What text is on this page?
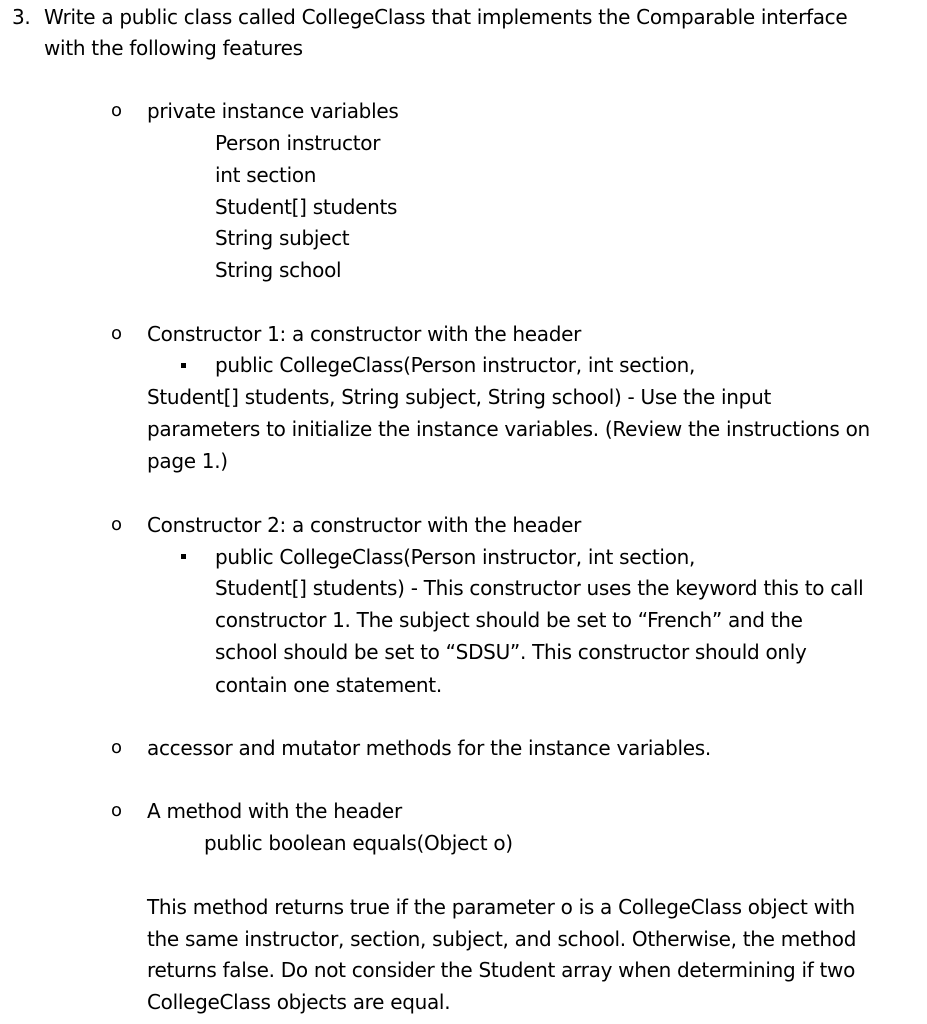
3. Write a public class called CollegeClass that implements the Comparable interface
with the following features
o private instance variables
Person instructor
int section
Student[] students
String subject
String school
o Constructor 1: a constructor with the header
public CollegeClass(Person instructor, int section,
Student[] students, String subject, String school) - Use the input
parameters to initialize the instance variables. (Review the instructions on
page 1.)
o Constructor 2: a constructor with the header
public CollegeClass(Person instructor, int section,
Student[] students) - This constructor uses the keyword this to call
constructor 1. The subject should be set to “French” and the
school should be set to “SDSU”. This constructor should only
contain one statement.
o accessor and mutator methods for the instance variables.
o A method with the header
public boolean equals(Object o)
This method returns true if the parameter o is a CollegeClass object with
the same instructor, section, subject, and school. Otherwise, the method
returns false. Do not consider the Student array when determining if two
CollegeClass objects are equal.
